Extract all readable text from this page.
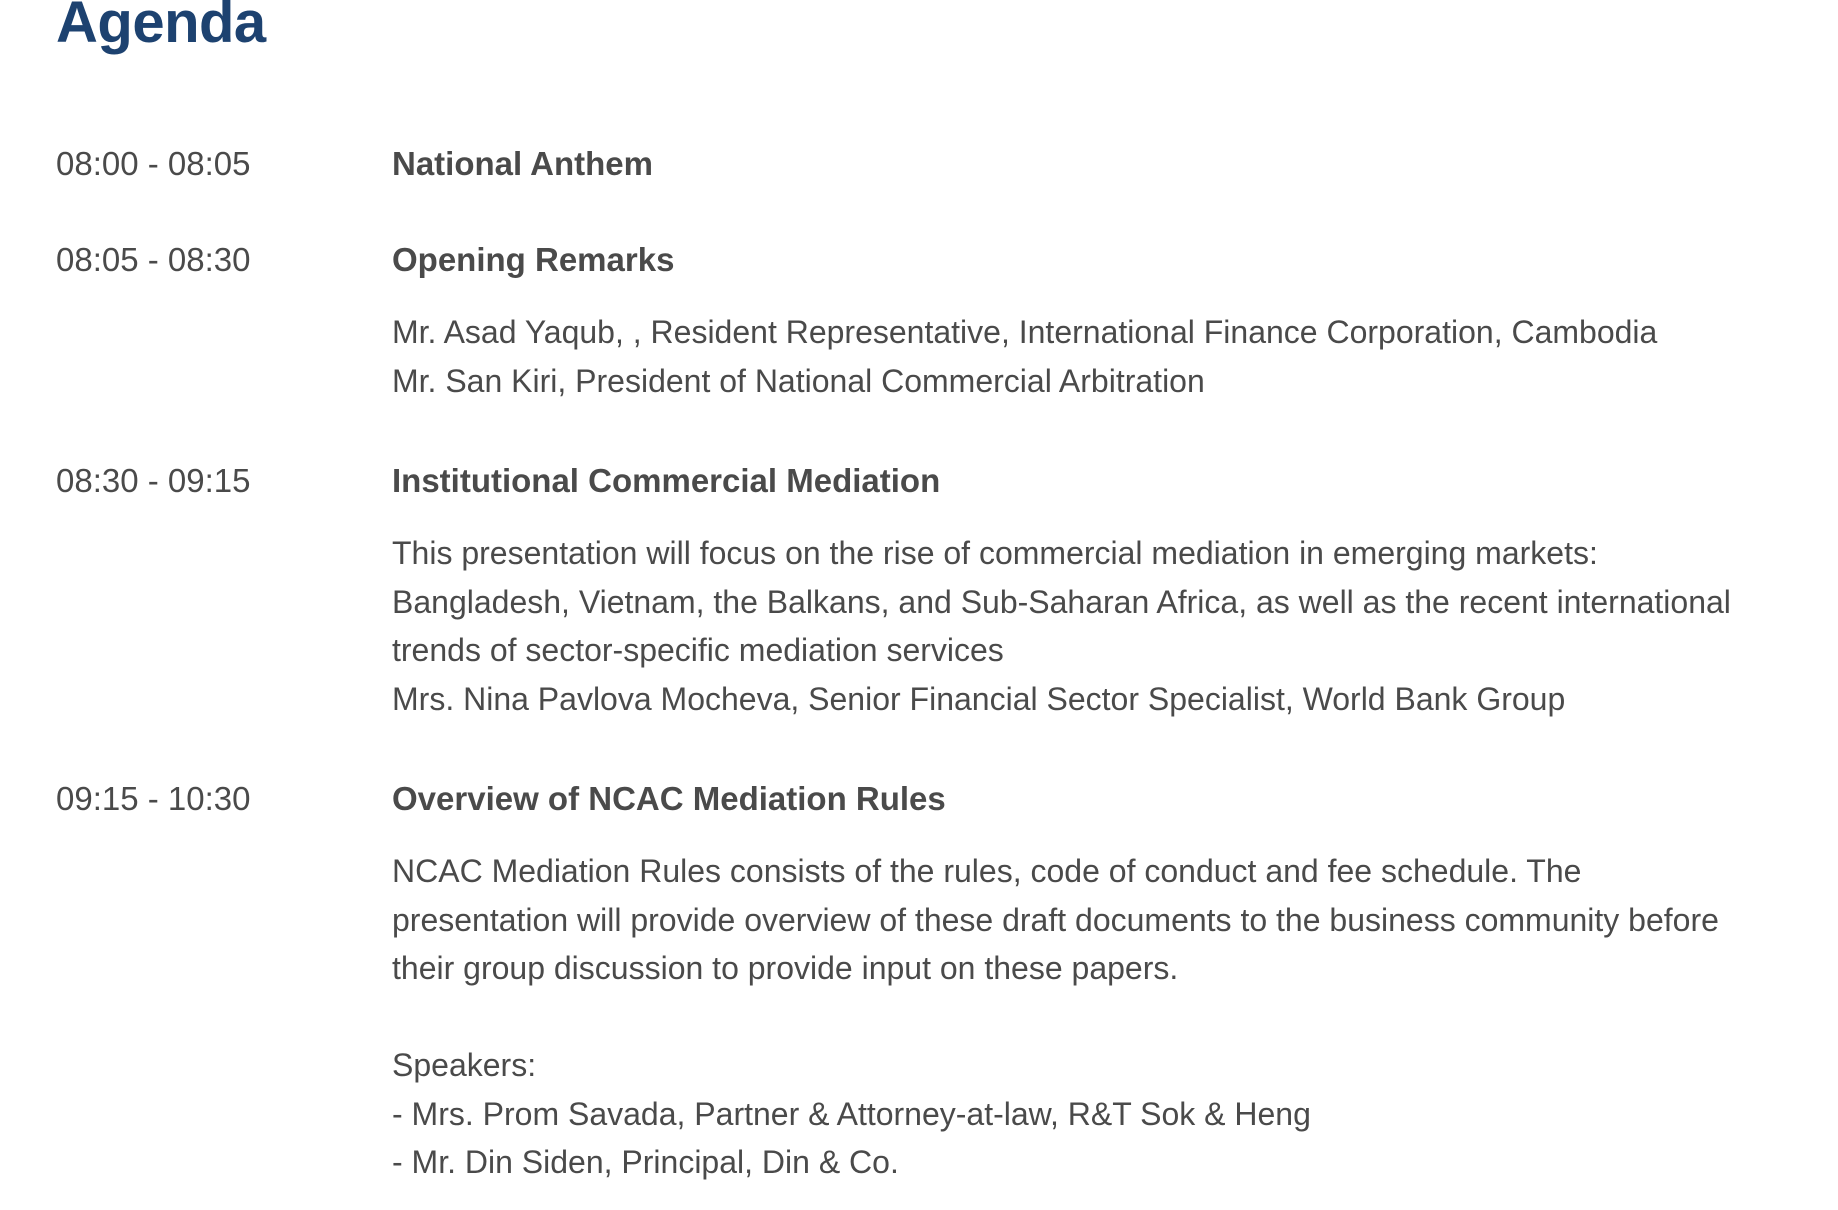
Agenda
08:00 - 08:05	National Anthem
08:05 - 08:30	Opening Remarks
Mr. Asad Yaqub, , Resident Representative, International Finance Corporation, Cambodia
Mr. San Kiri, President of National Commercial Arbitration
08:30 - 09:15	Institutional Commercial Mediation
This presentation will focus on the rise of commercial mediation in emerging markets:
Bangladesh, Vietnam, the Balkans, and Sub-Saharan Africa, as well as the recent international
trends of sector-specific mediation services
Mrs. Nina Pavlova Mocheva, Senior Financial Sector Specialist, World Bank Group
09:15 - 10:30	Overview of NCAC Mediation Rules
NCAC Mediation Rules consists of the rules, code of conduct and fee schedule. The
presentation will provide overview of these draft documents to the business community before
their group discussion to provide input on these papers.
Speakers:
- Mrs. Prom Savada, Partner & Attorney-at-law, R&T Sok & Heng
- Mr. Din Siden, Principal, Din & Co.
